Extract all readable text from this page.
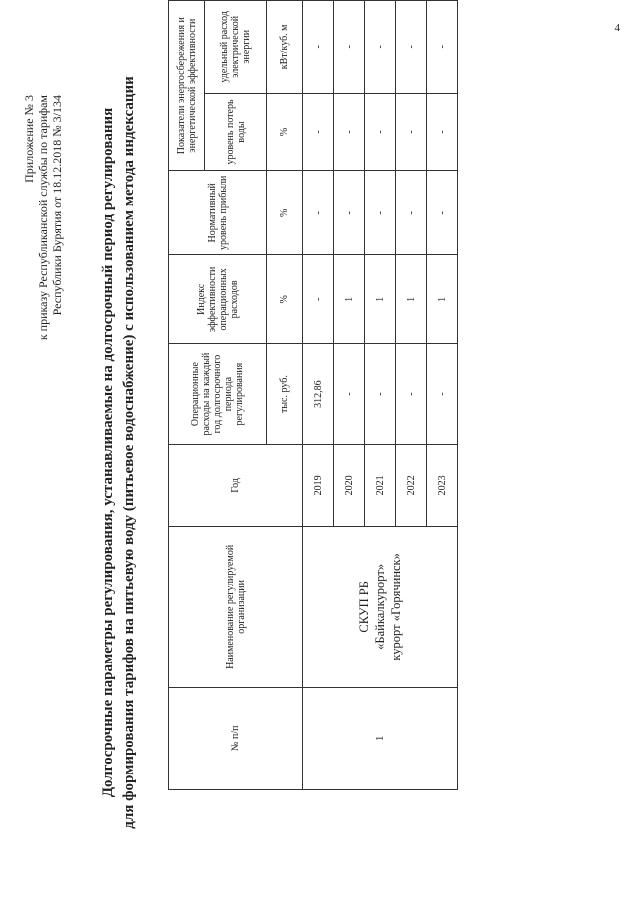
4
Приложение № 3 к приказу Республиканской службы по тарифам Республики Бурятия от 18.12.2018 № 3/134 Долгосрочные параметры регулирования, устанавливаемые на долгосрочный период регулирования для формирования тарифов на питьевую воду (питьевое водоснабжение) с использованием метода индексации	№ п/п	Наименование регулируемой организации	Год	Операционные расходы на каждый год долгосрочного периода регулирования	Индекс эффективности операционных расходов	Нормативный уровень прибыли	Показатели энергосбережения и энергетической эффективности	
						уровень потерь воды	удельный расход электрической энергии
			тыс. руб.	%	%	%	кВт/куб. м
1	СКУП РБ «Байкалкурорт» курорт «Горячинск»	2019	312,86	-	-	-	-
		2020	-	1	-	-	-
		2021	-	1	-	-	-
		2022	-	1	-	-	-
		2023	-	1	-	-	-
